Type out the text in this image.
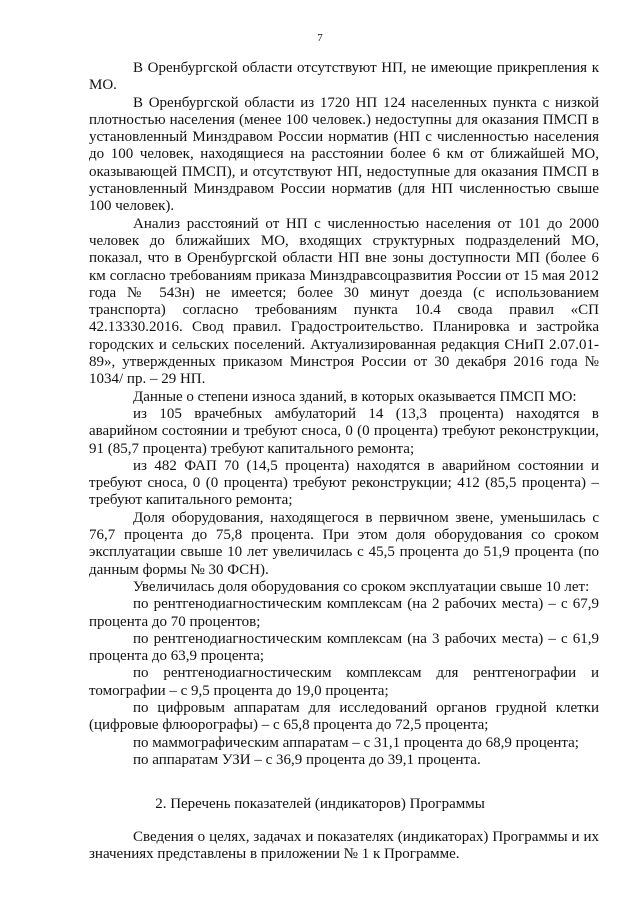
7

В Оренбургской области отсутствуют НП, не имеющие прикрепления к МО.

В Оренбургской области из 1720 НП 124 населенных пункта с низкой плотностью населения (менее 100 человек.) недоступны для оказания ПМСП в установленный Минздравом России норматив (НП с численностью населения до 100 человек, находящиеся на расстоянии более 6 км от ближайшей МО, оказывающей ПМСП), и отсутствуют НП, недоступные для оказания ПМСП в установленный Минздравом России норматив (для НП численностью свыше 100 человек).

Анализ расстояний от НП с численностью населения от 101 до 2000 человек до ближайших МО, входящих структурных подразделений МО, показал, что в Оренбургской области НП вне зоны доступности МП (более 6 км согласно требованиям приказа Минздравсоцразвития России от 15 мая 2012 года № 543н) не имеется; более 30 минут доезда (с использованием транспорта) согласно требованиям пункта 10.4 свода правил «СП 42.13330.2016. Свод правил. Градостроительство. Планировка и застройка городских и сельских поселений. Актуализированная редакция СНиП 2.07.01-89», утвержденных приказом Минстроя России от 30 декабря 2016 года № 1034/ пр. – 29 НП.

Данные о степени износа зданий, в которых оказывается ПМСП МО:

из 105 врачебных амбулаторий 14 (13,3 процента) находятся в аварийном состоянии и требуют сноса, 0 (0 процента) требуют реконструкции, 91 (85,7 процента) требуют капитального ремонта;

из 482 ФАП 70 (14,5 процента) находятся в аварийном состоянии и требуют сноса, 0 (0 процента) требуют реконструкции; 412 (85,5 процента) – требуют капитального ремонта;

Доля оборудования, находящегося в первичном звене, уменьшилась с 76,7 процента до 75,8 процента. При этом доля оборудования со сроком эксплуатации свыше 10 лет увеличилась с 45,5 процента до 51,9 процента (по данным формы № 30 ФСН).

Увеличилась доля оборудования со сроком эксплуатации свыше 10 лет:

по рентгенодиагностическим комплексам (на 2 рабочих места) – с 67,9 процента до 70 процентов;

по рентгенодиагностическим комплексам (на 3 рабочих места) – с 61,9 процента до 63,9 процента;

по рентгенодиагностическим комплексам для рентгенографии и томографии – с 9,5 процента до 19,0 процента;

по цифровым аппаратам для исследований органов грудной клетки (цифровые флюорографы) – с 65,8 процента до 72,5 процента;

по маммографическим аппаратам – с 31,1 процента до 68,9 процента;

по аппаратам УЗИ – с 36,9 процента до 39,1 процента.

2. Перечень показателей (индикаторов) Программы

Сведения о целях, задачах и показателях (индикаторах) Программы и их значениях представлены в приложении № 1 к Программе.
